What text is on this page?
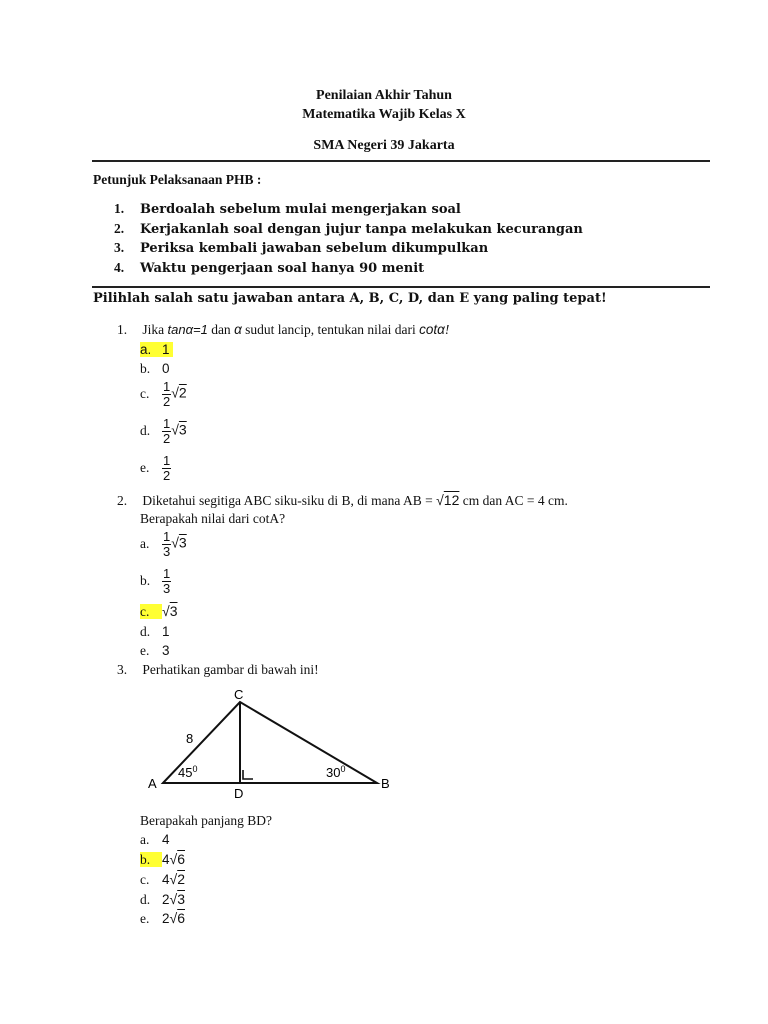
Penilaian Akhir Tahun
Matematika Wajib Kelas X
SMA Negeri 39 Jakarta
Petunjuk Pelaksanaan PHB :
1. Berdoalah sebelum mulai mengerjakan soal
2. Kerjakanlah soal dengan jujur tanpa melakukan kecurangan
3. Periksa kembali jawaban sebelum dikumpulkan
4. Waktu pengerjaan soal hanya 90 menit
Pilihlah salah satu jawaban antara A, B, C, D, dan E yang paling tepat!
1. Jika tanα=1 dan α sudut lancip, tentukan nilai dari cotα!
a. 1
b. 0
c. $\frac{1}{2} √2$
d. $\frac{1}{2} √3$
e. $\frac{1}{2}$
2. Diketahui segitiga ABC siku-siku di B, di mana AB = √12 cm dan AC = 4 cm.
Berapakah nilai dari cotA?
a. $\frac{1}{3} √3$
b. $\frac{1}{3}$
c. √3
d. 1
e. 3
3. Perhatikan gambar di bawah ini!
C
A	B
D
8
$45^0$	$30^0$
Berapakah panjang BD?
a. 4
b. 4√6
c. 4√2
d. 2√3
e. 2√6
